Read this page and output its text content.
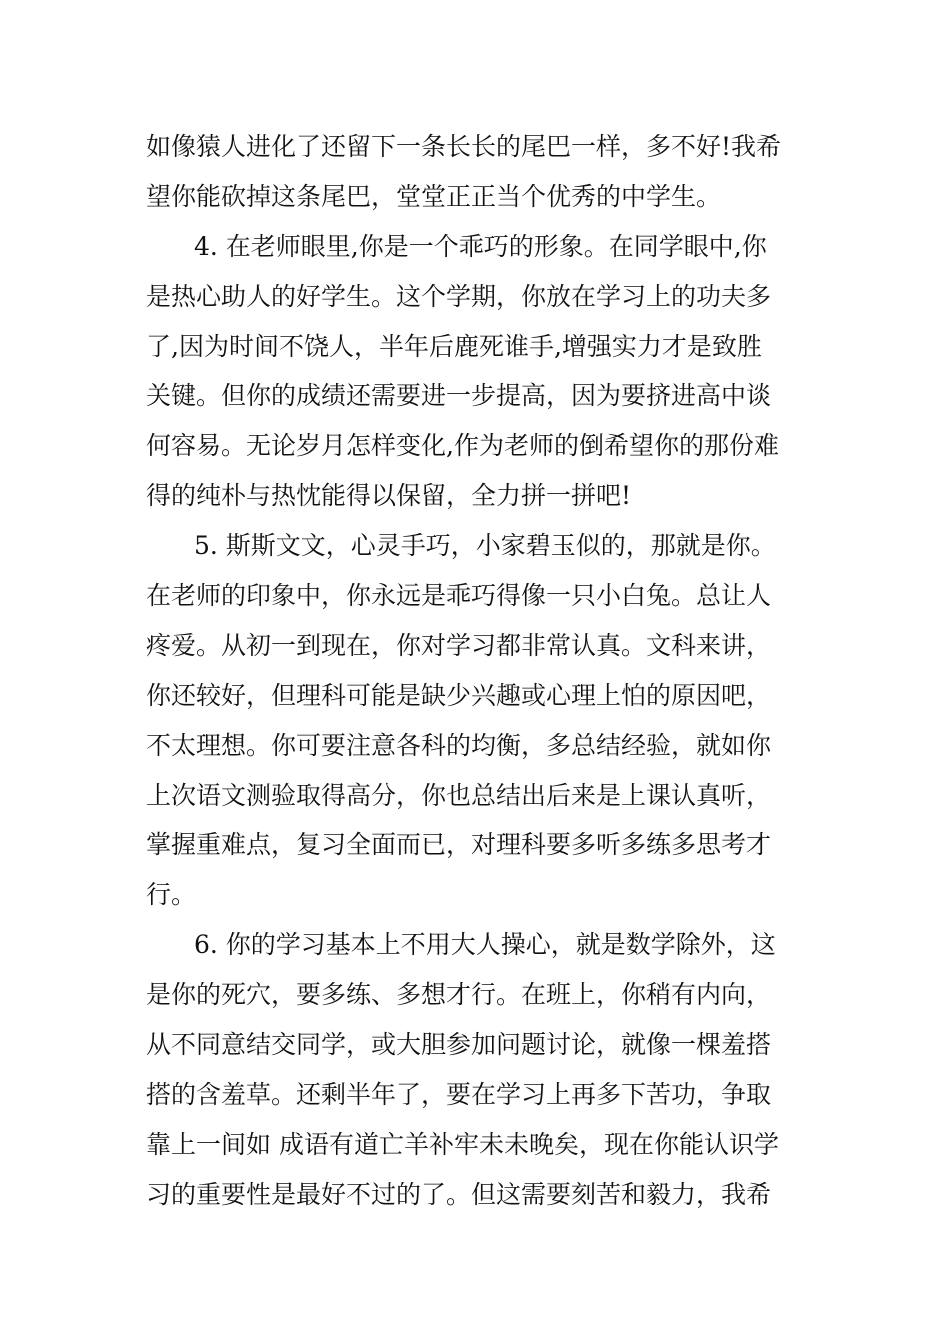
如像猿人进化了还留下一条长长的尾巴一样，多不好!我希
望你能砍掉这条尾巴，堂堂正正当个优秀的中学生。
4. 在老师眼里,你是一个乖巧的形象。在同学眼中,你
是热心助人的好学生。这个学期，你放在学习上的功夫多
了,因为时间不饶人，半年后鹿死谁手,增强实力才是致胜
关键。但你的成绩还需要进一步提高，因为要挤进高中谈
何容易。无论岁月怎样变化,作为老师的倒希望你的那份难
得的纯朴与热忱能得以保留，全力拼一拼吧!
5. 斯斯文文，心灵手巧，小家碧玉似的，那就是你。
在老师的印象中，你永远是乖巧得像一只小白兔。总让人
疼爱。从初一到现在，你对学习都非常认真。文科来讲，
你还较好，但理科可能是缺少兴趣或心理上怕的原因吧，
不太理想。你可要注意各科的均衡，多总结经验，就如你
上次语文测验取得高分，你也总结出后来是上课认真听，
掌握重难点，复习全面而已，对理科要多听多练多思考才
行。
6. 你的学习基本上不用大人操心，就是数学除外，这
是你的死穴，要多练、多想才行。在班上，你稍有内向，
从不同意结交同学，或大胆参加问题讨论，就像一棵羞搭
搭的含羞草。还剩半年了，要在学习上再多下苦功，争取
靠上一间如 成语有道亡羊补牢未未晚矣，现在你能认识学
习的重要性是最好不过的了。但这需要刻苦和毅力，我希
